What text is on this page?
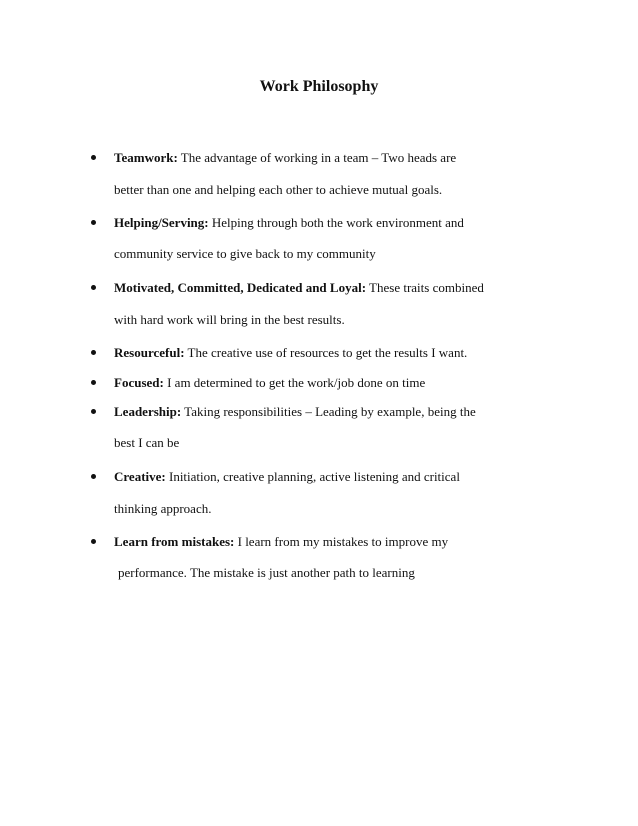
Work Philosophy
Teamwork: The advantage of working in a team – Two heads are
better than one and helping each other to achieve mutual goals.
Helping/Serving: Helping through both the work environment and
community service to give back to my community
Motivated, Committed, Dedicated and Loyal: These traits combined
with hard work will bring in the best results.
Resourceful: The creative use of resources to get the results I want.
Focused: I am determined to get the work/job done on time
Leadership: Taking responsibilities – Leading by example, being the
best I can be
Creative: Initiation, creative planning, active listening and critical
thinking approach.
Learn from mistakes: I learn from my mistakes to improve my
performance. The mistake is just another path to learning
